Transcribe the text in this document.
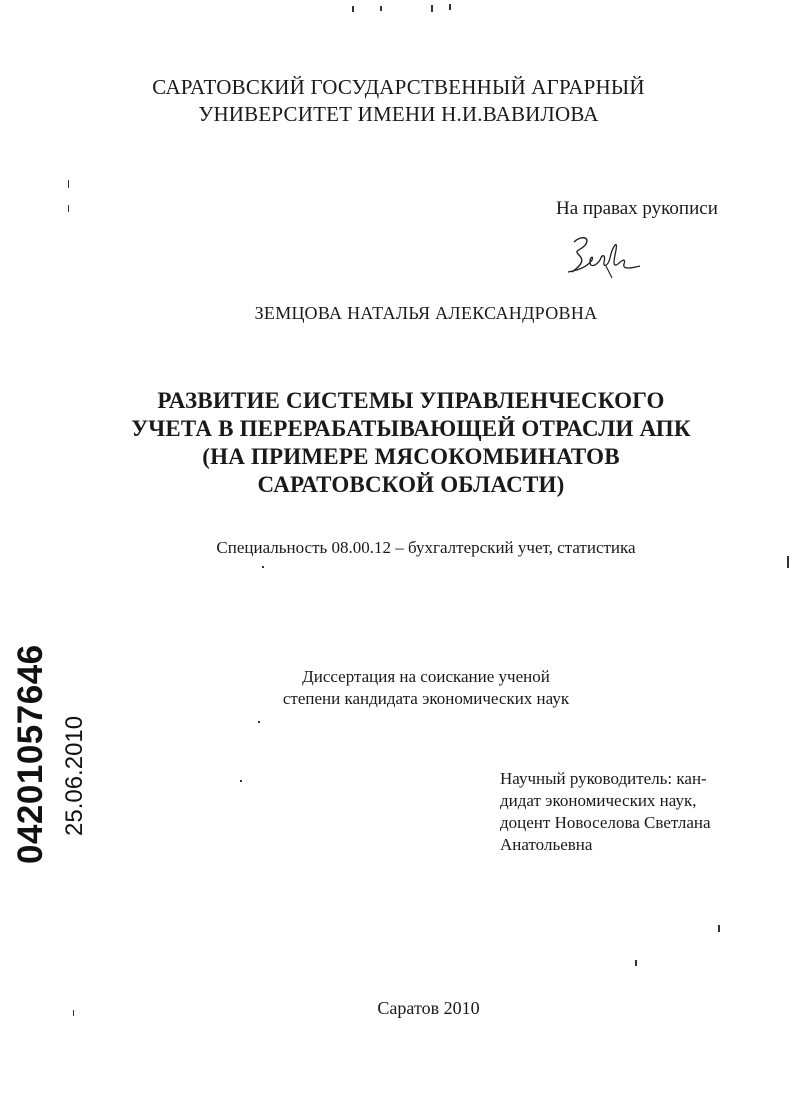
САРАТОВСКИЙ ГОСУДАРСТВЕННЫЙ АГРАРНЫЙ
УНИВЕРСИТЕТ ИМЕНИ Н.И.ВАВИЛОВА
На правах рукописи
ЗЕМЦОВА НАТАЛЬЯ АЛЕКСАНДРОВНА
РАЗВИТИЕ СИСТЕМЫ УПРАВЛЕНЧЕСКОГО
УЧЕТА В ПЕРЕРАБАТЫВАЮЩЕЙ ОТРАСЛИ АПК
(НА ПРИМЕРЕ МЯСОКОМБИНАТОВ
САРАТОВСКОЙ ОБЛАСТИ)
Специальность 08.00.12 – бухгалтерский учет, статистика
Диссертация на соискание ученой
степени кандидата экономических наук
Научный руководитель: кан-
дидат экономических наук,
доцент Новоселова Светлана
Анатольевна
Саратов 2010
04201057646 25.06.2010
